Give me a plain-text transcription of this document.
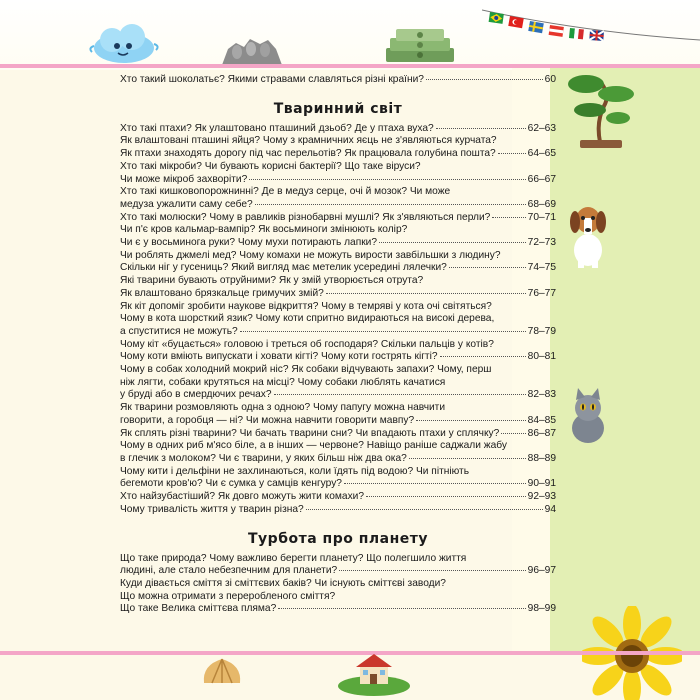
Хто такий шоколатьє? Якими стравами славляться різні країни?	60
Тваринний світ
Хто такі птахи? Як улаштовано пташиний дзьоб? Де у птаха вуха?	62–63
Як влаштовані пташині яйця? Чому з крамничних яєць не з'являються курчата?
Як птахи знаходять дорогу під час перельотів? Як працювала голубина пошта?	64–65
Хто такі мікроби? Чи бувають корисні бактерії? Що таке віруси?
Чи може мікроб захворіти?	66–67
Хто такі кишковопорожнинні? Де в медуз серце, очі й мозок? Чи може
медуза ужалити саму себе?	68–69
Хто такі молюски? Чому в равликів різнобарвні мушлі? Як з'являються перли?	70–71
Чи п'є кров кальмар-вампір? Як восьминоги змінюють колір?
Чи є у восьминога руки? Чому мухи потирають лапки?	72–73
Чи роблять джмелі мед? Чому комахи не можуть вирости завбільшки з людину?
Скільки ніг у гусениць? Який вигляд має метелик усередині лялечки?	74–75
Які тварини бувають отруйними? Як у змій утворюється отрута?
Як влаштовано брязкальце гримучих змій?	76–77
Як кіт допоміг зробити наукове відкриття? Чому в темряві у кота очі світяться?
Чому в кота шорсткий язик? Чому коти спритно видираються на високі дерева,
а спуститися не можуть?	78–79
Чому кіт «буцається» головою і треться об господаря? Скільки пальців у котів?
Чому коти вміють випускати і ховати кігті? Чому коти гострять кігті?	80–81
Чому в собак холодний мокрий ніс? Як собаки відчувають запахи? Чому, перш
ніж лягти, собаки крутяться на місці? Чому собаки люблять качатися
у бруді або в смердючих речах?	82–83
Як тварини розмовляють одна з одною? Чому папугу можна навчити
говорити, а горобця — ні? Чи можна навчити говорити мавпу?	84–85
Як сплять різні тварини? Чи бачать тварини сни? Чи впадають птахи у сплячку?	86–87
Чому в одних риб м'ясо біле, а в інших — червоне? Навіщо раніше саджали жабу
в глечик з молоком? Чи є тварини, у яких більш ніж два ока?	88–89
Чому кити і дельфіни не захлинаються, коли їдять під водою? Чи пітніють
бегемоти кров'ю? Чи є сумка у самців кенгуру?	90–91
Хто найзубастіший? Як довго можуть жити комахи?	92–93
Чому тривалість життя у тварин різна?	94
Турбота про планету
Що таке природа? Чому важливо берегти планету? Що полегшило життя
людині, але стало небезпечним для планети?	96–97
Куди дівається сміття зі сміттєвих баків? Чи існують сміттєві заводи?
Що можна отримати з переробленого сміття?
Що таке Велика сміттєва пляма?	98–99
